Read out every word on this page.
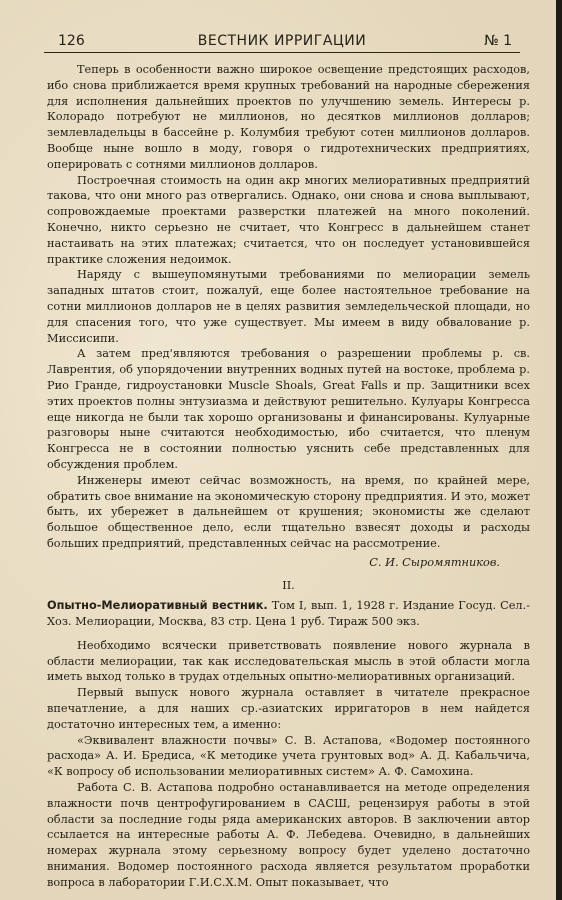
126	ВЕСТНИК ИРРИГАЦИИ	№ 1

Теперь в особенности важно широкое освещение предстоящих расходов, ибо снова приближается время крупных требований на народные сбережения для исполнения дальнейших проектов по улучшению земель. Интересы р. Колорадо потребуют не миллионов, но десятков миллионов долларов; землевладельцы в бассейне р. Колумбия требуют сотен миллионов долларов. Вообще ныне вошло в моду, говоря о гидротехнических предприятиях, оперировать с сотнями миллионов долларов.

Построечная стоимость на один акр многих мелиоративных предприятий такова, что они много раз отвергались. Однако, они снова и снова выплывают, сопровождаемые проектами разверстки платежей на много поколений. Конечно, никто серьезно не считает, что Конгресс в дальнейшем станет настаивать на этих платежах; считается, что он последует установившейся практике сложения недоимок.

Наряду с вышеупомянутыми требованиями по мелиорации земель западных штатов стоит, пожалуй, еще более настоятельное требование на сотни миллионов долларов не в целях развития земледельческой площади, но для спасения того, что уже существует. Мы имеем в виду обвалование р. Миссисипи.

А затем пред'являются требования о разрешении проблемы р. св. Лаврентия, об упорядочении внутренних водных путей на востоке, проблема р. Рио Гранде, гидроустановки Muscle Shoals, Great Falls и пр. Защитники всех этих проектов полны энтузиазма и действуют решительно. Кулуары Конгресса еще никогда не были так хорошо организованы и финансированы. Кулуарные разговоры ныне считаются необходимостью, ибо считается, что пленум Конгресса не в состоянии полностью уяснить себе представленных для обсуждения проблем.

Инженеры имеют сейчас возможность, на время, по крайней мере, обратить свое внимание на экономическую сторону предприятия. И это, может быть, их убережет в дальнейшем от крушения; экономисты же сделают большое общественное дело, если тщательно взвесят доходы и расходы больших предприятий, представленных сейчас на рассмотрение.

С. И. Сыромятников.

II.

Опытно-Мелиоративный вестник. Том I, вып. 1, 1928 г. Издание Госуд. Сел.-Хоз. Мелиорации, Москва, 83 стр. Цена 1 руб. Тираж 500 экз.

Необходимо всячески приветствовать появление нового журнала в области мелиорации, так как исследовательская мысль в этой области могла иметь выход только в трудах отдельных опытно-мелиоративных организаций.

Первый выпуск нового журнала оставляет в читателе прекрасное впечатление, а для наших ср.-азиатских ирригаторов в нем найдется достаточно интересных тем, а именно:

«Эквивалент влажности почвы» С. В. Астапова, «Водомер постоянного расхода» А. И. Бредиса, «К методике учета грунтовых вод» А. Д. Кабальчича, «К вопросу об использовании мелиоративных систем» А. Ф. Самохина.

Работа С. В. Астапова подробно останавливается на методе определения влажности почв центрофугированием в САСШ, рецензируя работы в этой области за последние годы ряда американских авторов. В заключении автор ссылается на интересные работы А. Ф. Лебедева. Очевидно, в дальнейших номерах журнала этому серьезному вопросу будет уделено достаточно внимания. Водомер постоянного расхода является результатом проработки вопроса в лаборатории Г.И.С.Х.М. Опыт показывает, что
